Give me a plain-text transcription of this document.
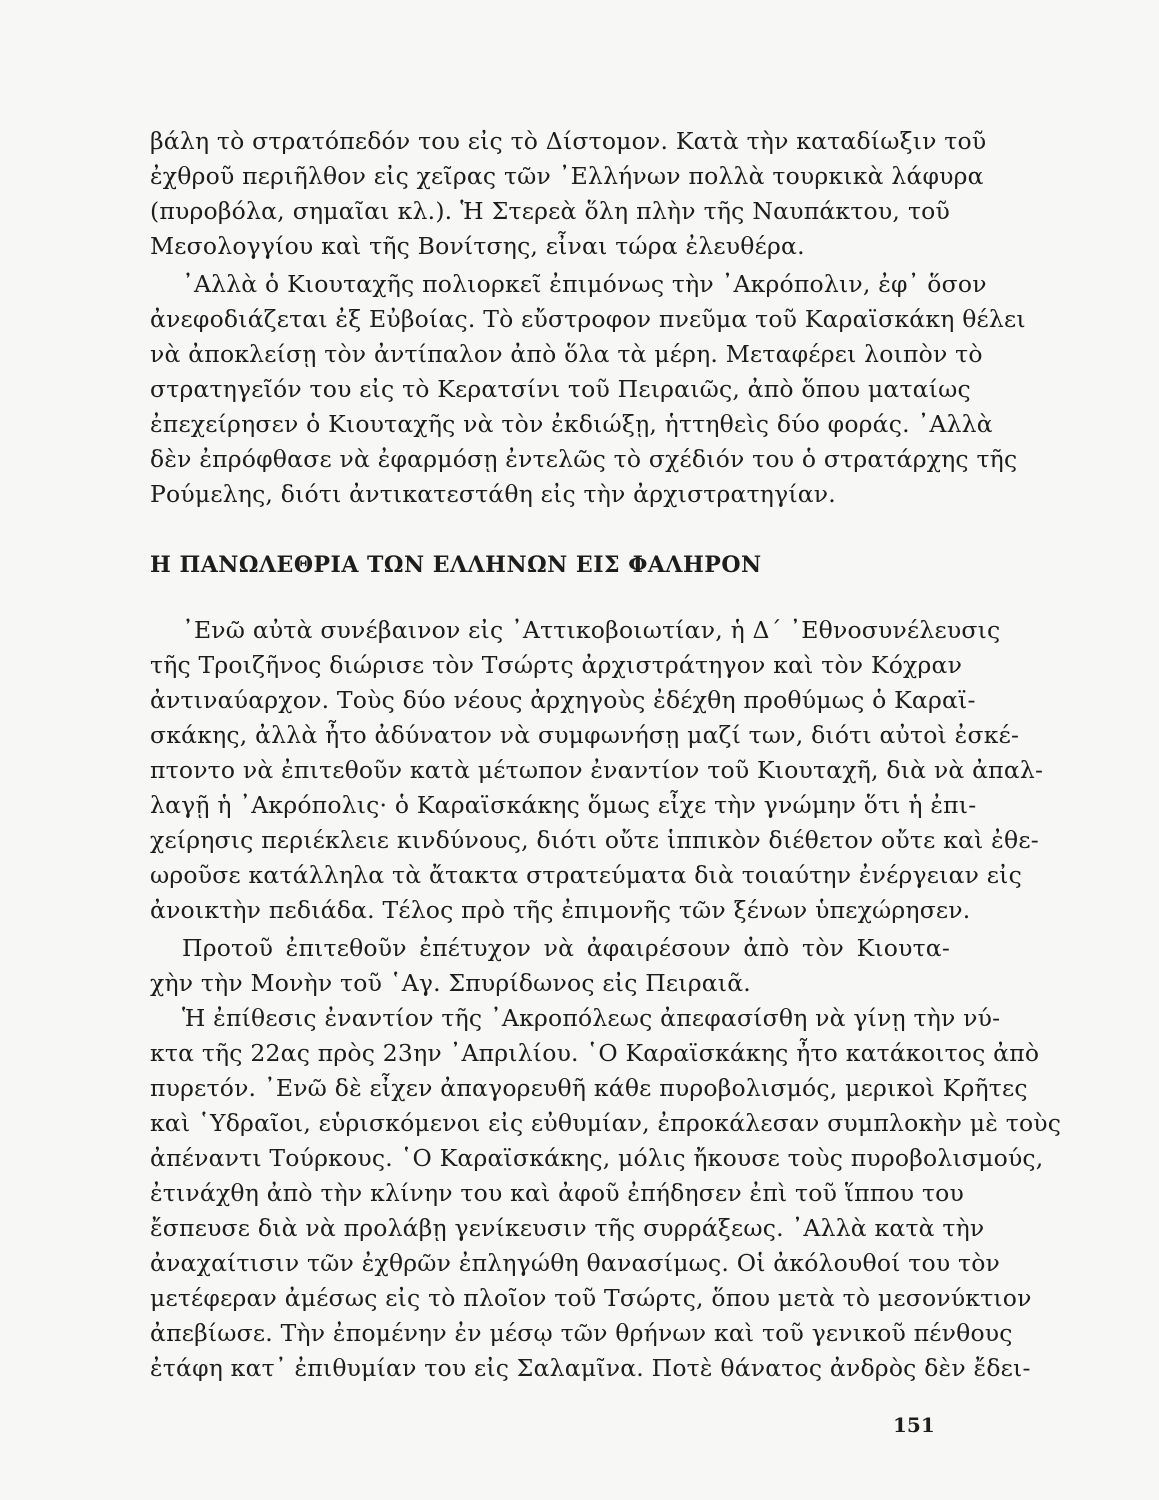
βάλη τὸ στρατόπεδόν του εἰς τὸ Δίστομον. Κατὰ τὴν καταδίωξιν τοῦ
ἐχθροῦ περιῆλθον εἰς χεῖρας τῶν ᾿Ελλήνων πολλὰ τουρκικὰ λάφυρα
(πυροβόλα, σημαῖαι κλ.). Ἡ Στερεὰ ὅλη πλὴν τῆς Ναυπάκτου, τοῦ
Μεσολογγίου καὶ τῆς Βονίτσης, εἶναι τώρα ἐλευθέρα.
᾿Αλλὰ ὁ Κιουταχῆς πολιορκεῖ ἐπιμόνως τὴν ᾿Ακρόπολιν, ἐφ᾿ ὅσον
ἀνεφοδιάζεται ἐξ Εὐβοίας. Τὸ εὔστροφον πνεῦμα τοῦ Καραϊσκάκη θέλει
νὰ ἀποκλείσῃ τὸν ἀντίπαλον ἀπὸ ὅλα τὰ μέρη. Μεταφέρει λοιπὸν τὸ
στρατηγεῖόν του εἰς τὸ Κερατσίνι τοῦ Πειραιῶς, ἀπὸ ὅπου ματαίως
ἐπεχείρησεν ὁ Κιουταχῆς νὰ τὸν ἐκδιώξῃ, ἡττηθεὶς δύο φοράς. ᾿Αλλὰ
δὲν ἐπρόφθασε νὰ ἐφαρμόσῃ ἐντελῶς τὸ σχέδιόν του ὁ στρατάρχης τῆς
Ρούμελης, διότι ἀντικατεστάθη εἰς τὴν ἀρχιστρατηγίαν.
Η ΠΑΝΩΛΕΘΡΙΑ ΤΩΝ ΕΛΛΗΝΩΝ ΕΙΣ ΦΑΛΗΡΟΝ
᾿Ενῶ αὐτὰ συνέβαινον εἰς ᾿Αττικοβοιωτίαν, ἡ Δ΄ ᾿Εθνοσυνέλευσις
τῆς Τροιζῆνος διώρισε τὸν Τσώρτς ἀρχιστράτηγον καὶ τὸν Κόχραν
ἀντιναύαρχον. Τοὺς δύο νέους ἀρχηγοὺς ἐδέχθη προθύμως ὁ Καραϊ-
σκάκης, ἀλλὰ ἦτο ἀδύνατον νὰ συμφωνήσῃ μαζί των, διότι αὐτοὶ ἐσκέ-
πτοντο νὰ ἐπιτεθοῦν κατὰ μέτωπον ἐναντίον τοῦ Κιουταχῆ, διὰ νὰ ἀπαλ-
λαγῇ ἡ ᾿Ακρόπολις· ὁ Καραϊσκάκης ὅμως εἶχε τὴν γνώμην ὅτι ἡ ἐπι-
χείρησις περιέκλειε κινδύνους, διότι οὔτε ἱππικὸν διέθετον οὔτε καὶ ἐθε-
ωροῦσε κατάλληλα τὰ ἄτακτα στρατεύματα διὰ τοιαύτην ἐνέργειαν εἰς
ἀνοικτὴν πεδιάδα. Τέλος πρὸ τῆς ἐπιμονῆς τῶν ξένων ὑπεχώρησεν.
Προτοῦ ἐπιτεθοῦν ἐπέτυχον νὰ ἀφαιρέσουν ἀπὸ τὸν Κιουτα-
χὴν τὴν Μονὴν τοῦ ῾Αγ. Σπυρίδωνος εἰς Πειραιᾶ.
Ἡ ἐπίθεσις ἐναντίον τῆς ᾿Ακροπόλεως ἀπεφασίσθη νὰ γίνῃ τὴν νύ-
κτα τῆς 22ας πρὸς 23ην ᾿Απριλίου. ῾Ο Καραϊσκάκης ἦτο κατάκοιτος ἀπὸ
πυρετόν. ᾿Ενῶ δὲ εἶχεν ἀπαγορευθῆ κάθε πυροβολισμός, μερικοὶ Κρῆτες
καὶ ῾Υδραῖοι, εὑρισκόμενοι εἰς εὐθυμίαν, ἐπροκάλεσαν συμπλοκὴν μὲ τοὺς
ἀπέναντι Τούρκους. ῾Ο Καραϊσκάκης, μόλις ἤκουσε τοὺς πυροβολισμούς,
ἐτινάχθη ἀπὸ τὴν κλίνην του καὶ ἀφοῦ ἐπήδησεν ἐπὶ τοῦ ἵππου του
ἔσπευσε διὰ νὰ προλάβῃ γενίκευσιν τῆς συρράξεως. ᾿Αλλὰ κατὰ τὴν
ἀναχαίτισιν τῶν ἐχθρῶν ἐπληγώθη θανασίμως. Οἱ ἀκόλουθοί του τὸν
μετέφεραν ἀμέσως εἰς τὸ πλοῖον τοῦ Τσώρτς, ὅπου μετὰ τὸ μεσονύκτιον
ἀπεβίωσε. Τὴν ἐπομένην ἐν μέσῳ τῶν θρήνων καὶ τοῦ γενικοῦ πένθους
ἐτάφη κατ᾿ ἐπιθυμίαν του εἰς Σαλαμῖνα. Ποτὲ θάνατος ἀνδρὸς δὲν ἔδει-
151
